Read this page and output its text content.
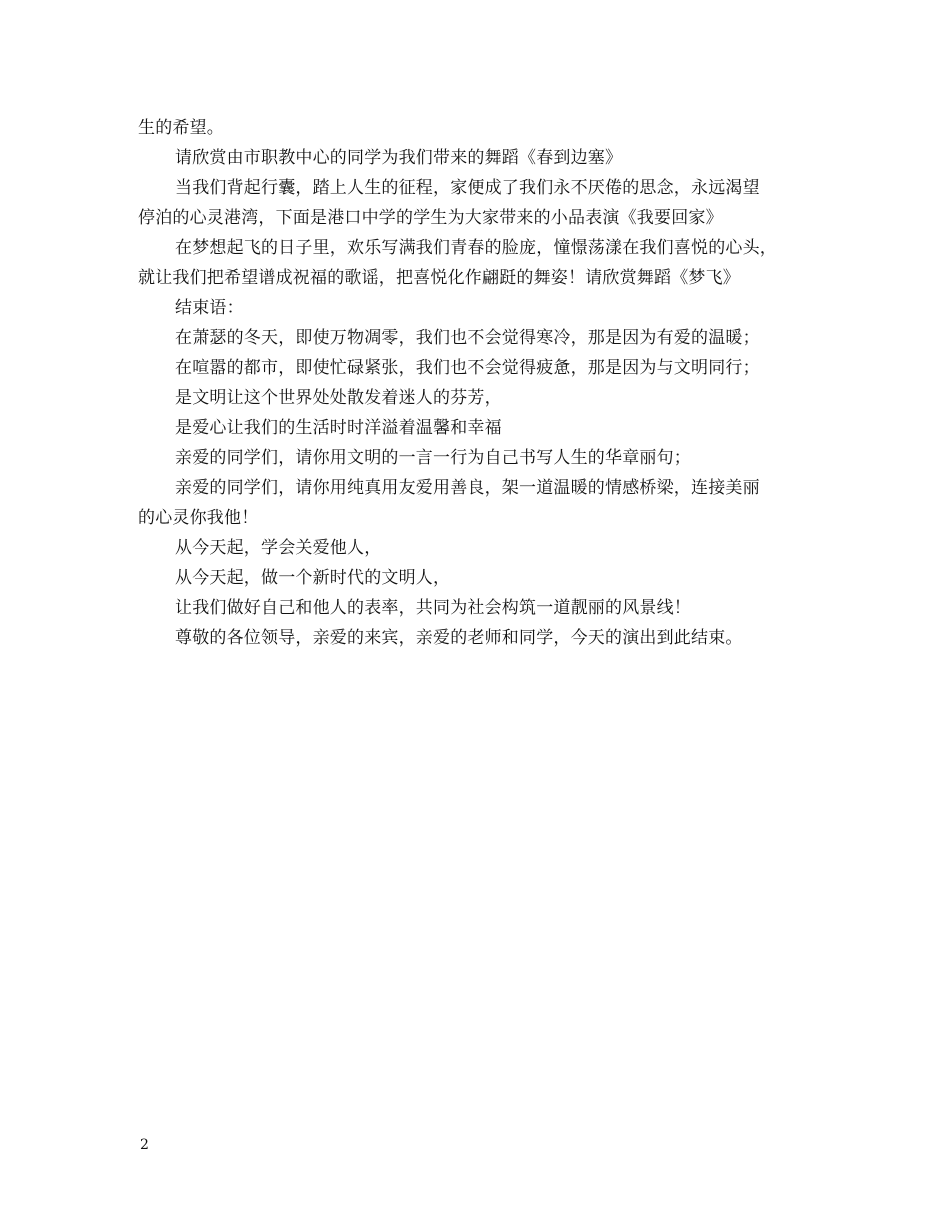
生的希望。
请欣赏由市职教中心的同学为我们带来的舞蹈《春到边塞》
当我们背起行囊，踏上人生的征程，家便成了我们永不厌倦的思念，永远渴望
停泊的心灵港湾，下面是港口中学的学生为大家带来的小品表演《我要回家》
在梦想起飞的日子里，欢乐写满我们青春的脸庞，憧憬荡漾在我们喜悦的心头，
就让我们把希望谱成祝福的歌谣，把喜悦化作翩跹的舞姿！请欣赏舞蹈《梦飞》
结束语：
在萧瑟的冬天，即使万物凋零，我们也不会觉得寒冷，那是因为有爱的温暖；
在喧嚣的都市，即使忙碌紧张，我们也不会觉得疲惫，那是因为与文明同行；
是文明让这个世界处处散发着迷人的芬芳，
是爱心让我们的生活时时洋溢着温馨和幸福
亲爱的同学们，请你用文明的一言一行为自己书写人生的华章丽句；
亲爱的同学们，请你用纯真用友爱用善良，架一道温暖的情感桥梁，连接美丽
的心灵你我他！
从今天起，学会关爱他人，
从今天起，做一个新时代的文明人，
让我们做好自己和他人的表率，共同为社会构筑一道靓丽的风景线！
尊敬的各位领导，亲爱的来宾，亲爱的老师和同学，今天的演出到此结束。
2
